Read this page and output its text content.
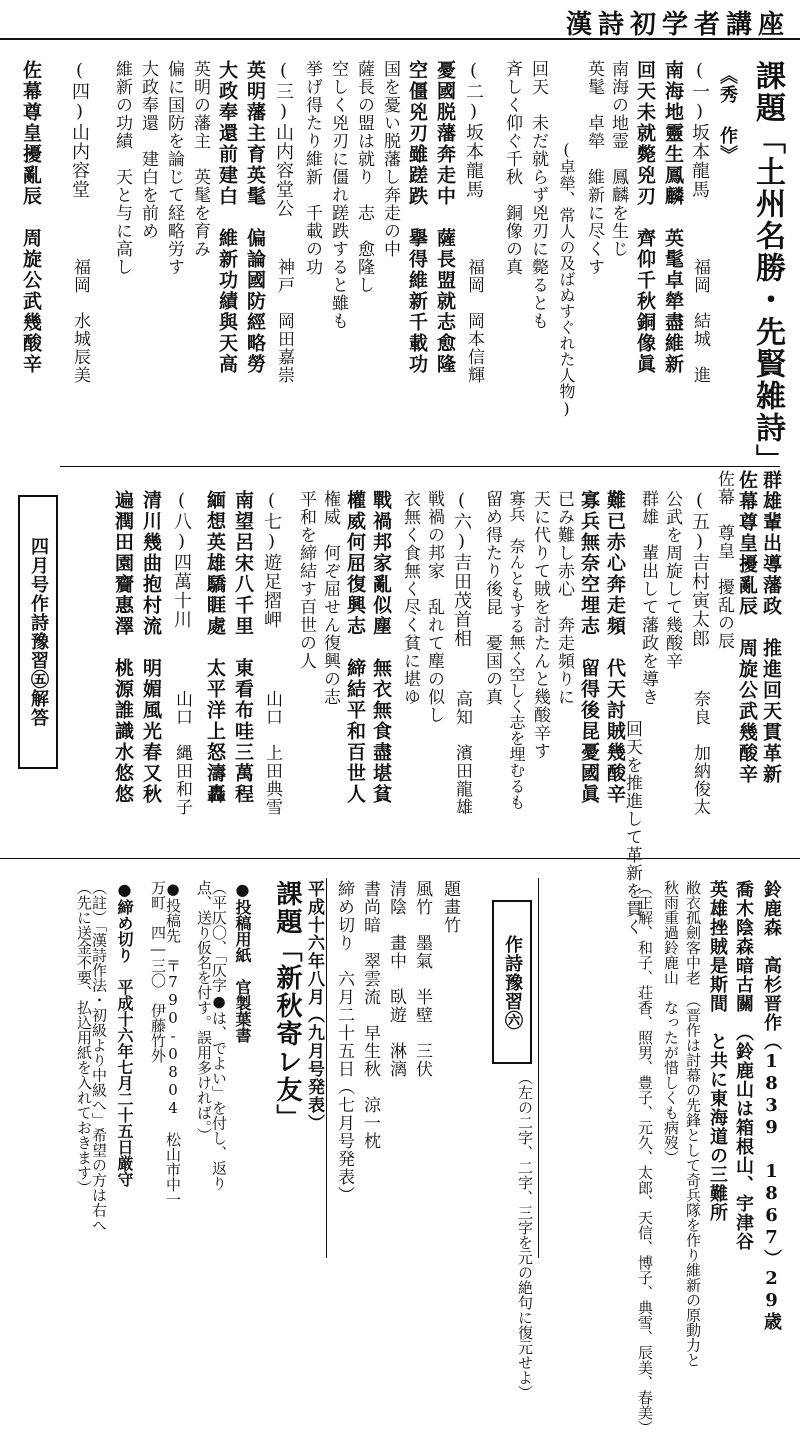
漢詩初学者講座
課題「土州名勝・先賢雑詩」
《秀 作》
(一)坂本龍馬
福岡　結城　進
南海地靈生鳳麟　英髦卓犖盡維新
回天未就斃兇刃　齊仰千秋銅像眞
南海の地霊　鳳麟を生じ
英髦　卓犖　維新に尽くす
(卓犖、常人の及ばぬすぐれた人物)
回天　未だ就らず兇刃に斃るとも
斉しく仰ぐ千秋　銅像の真
(二)坂本龍馬
福岡　岡本信輝
憂國脱藩奔走中　薩長盟就志愈隆
空僵兇刃雖蹉跌　擧得維新千載功
国を憂い脱藩し奔走の中
薩長の盟は就り　志　愈隆し
空しく兇刃に僵れ蹉跌すると雖も
挙げ得たり維新　千載の功
(三)山内容堂公
神戸　岡田嘉崇
英明藩主育英髦　偏論國防經略勞
大政奉還前建白　維新功績與天高
英明の藩主　英髦を育み
偏に国防を論じて経略労す
大政奉還　建白を前め
維新の功績　天と与に高し
(四)山内容堂
福岡　水城辰美
佐幕尊皇擾亂辰　周旋公武幾酸辛
(五)吉村寅太郎
奈良　加納俊太	群雄輩出導藩政　推進回天貫革新
佐幕尊皇擾亂辰　周旋公武幾酸辛
難已赤心奔走頻　代天討賊幾酸辛
寡兵無奈空埋志　留得後昆憂國眞	佐幕　尊皇　擾乱の辰
公武を周旋して幾酸辛
群雄　輩出して藩政を導き
回天を推進して革新を貫く
已み難し赤心　奔走頻りに
天に代りて賊を討たんと幾酸辛す
寡兵　奈んともする無く空しく志を埋むるも
留め得たり後昆　憂国の真
(六)吉田茂首相
高知　濱田龍雄
戰禍邦家亂似塵　無衣無食盡堪貧
權威何屈復興志　締結平和百世人	戦禍の邦家　乱れて塵の似し
衣無く食無く尽く貧に堪ゆ
権威　何ぞ屈せん復興の志
平和を締結す百世の人
(七)遊足摺岬
山口　上田典雪
南望呂宋八千里　東看布哇三萬程
緬想英雄驕睚處　太平洋上怒濤轟
(八)四萬十川
山口　縄田和子
清川幾曲抱村流　明媚風光春又秋
遍潤田園齎惠澤　桃源誰識水悠悠
四月号作詩豫習㊄解答
鈴鹿森　高杉晋作（1839 1867）29歳
喬木陰森暗古關　（鈴鹿山は箱根山、宇津谷
英雄挫賊是斯間　と共に東海道の三難所
敝衣孤劍客中老　（晋作は討幕の先鋒として奇兵隊を作り維新の原動力と
秋雨重過鈴鹿山　なったが惜しくも病歿）
（正解、和子、荘香、照男、豊子、元久、太郎、天信、博子、典雪、辰美、春美）
作詩豫習㊅
（左の二字、二字、三字を元の絶句に復元せよ）
題畫竹
風竹　墨氣　半壁　三伏
清陰　畫中　臥遊　淋漓
書尚暗　翠雲流　早生秋　涼一枕
締め切り　六月二十五日（七月号発表）
平成十六年八月（九月号発表）
課題「新秋寄レ友」
●投稿用紙　官製葉書
（平仄〇、「仄字●は、でよい」を付し、返り点、送り仮名を付す。誤用多ければ。）
●投稿先　〒790-0804　松山市中一万町　四―三〇　伊藤竹外
●締め切り　平成十六年七月二十五日厳守
（註）「漢詩作法・初級より中級へ」希望の方は右へ（先に送金不要、払込用紙を入れておきます）
